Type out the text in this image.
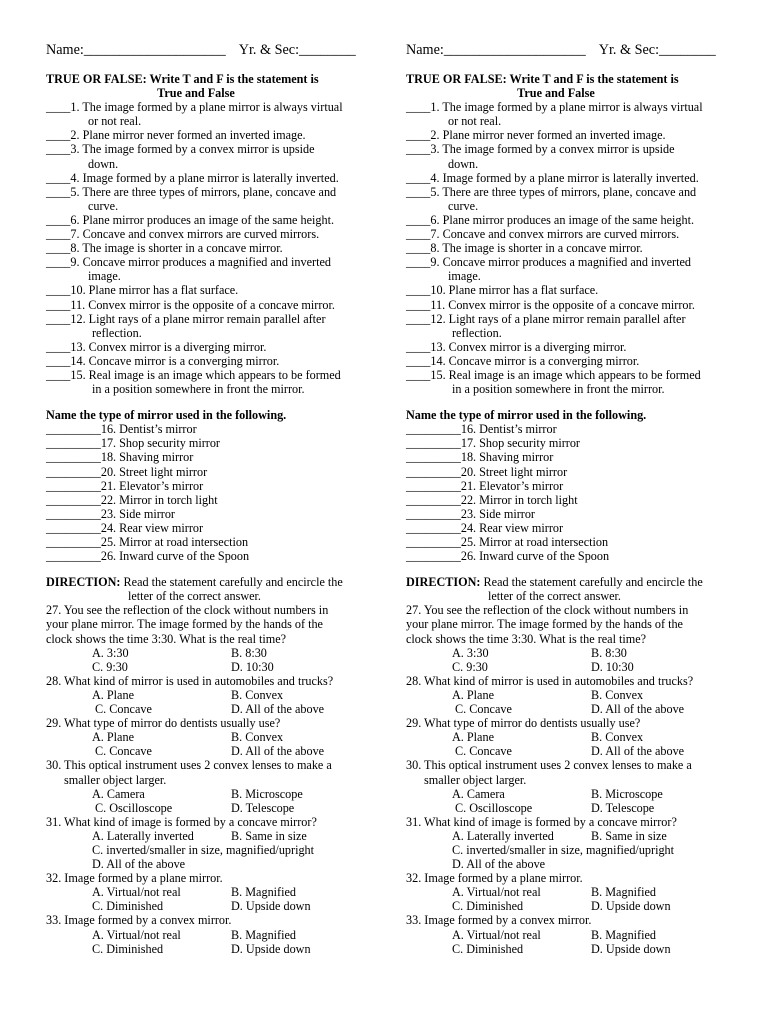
Name:____________________ Yr. & Sec:________
TRUE OR FALSE: Write T and F is the statement is
True and False
____1. The image formed by a plane mirror is always virtual
or not real.
____2. Plane mirror never formed an inverted image.
____3. The image formed by a convex mirror is upside
down.
____4. Image formed by a plane mirror is laterally inverted.
____5. There are three types of mirrors, plane, concave and
curve.
____6. Plane mirror produces an image of the same height.
____7. Concave and convex mirrors are curved mirrors.
____8. The image is shorter in a concave mirror.
____9. Concave mirror produces a magnified and inverted
image.
____10. Plane mirror has a flat surface.
____11. Convex mirror is the opposite of a concave mirror.
____12. Light rays of a plane mirror remain parallel after
reflection.
____13. Convex mirror is a diverging mirror.
____14. Concave mirror is a converging mirror.
____15. Real image is an image which appears to be formed
in a position somewhere in front the mirror.
Name the type of mirror used in the following.
_________16. Dentist’s mirror
_________17. Shop security mirror
_________18. Shaving mirror
_________20. Street light mirror
_________21. Elevator’s mirror
_________22. Mirror in torch light
_________23. Side mirror
_________24. Rear view mirror
_________25. Mirror at road intersection
_________26. Inward curve of the Spoon
DIRECTION: Read the statement carefully and encircle the
letter of the correct answer.
27. You see the reflection of the clock without numbers in
your plane mirror. The image formed by the hands of the
clock shows the time 3:30. What is the real time?
A. 3:30	B. 8:30
C. 9:30	D. 10:30
28. What kind of mirror is used in automobiles and trucks?
A. Plane	B. Convex
C. Concave	D. All of the above
29. What type of mirror do dentists usually use?
A. Plane	B. Convex
C. Concave	D. All of the above
30. This optical instrument uses 2 convex lenses to make a
smaller object larger.
A. Camera	B. Microscope
C. Oscilloscope	D. Telescope
31. What kind of image is formed by a concave mirror?
A. Laterally inverted	B. Same in size
C. inverted/smaller in size, magnified/upright
D. All of the above
32. Image formed by a plane mirror.
A. Virtual/not real	B. Magnified
C. Diminished	D. Upside down
33. Image formed by a convex mirror.
A. Virtual/not real	B. Magnified
C. Diminished	D. Upside down
Name:____________________ Yr. & Sec:________
TRUE OR FALSE: Write T and F is the statement is
True and False
____1. The image formed by a plane mirror is always virtual
or not real.
____2. Plane mirror never formed an inverted image.
____3. The image formed by a convex mirror is upside
down.
____4. Image formed by a plane mirror is laterally inverted.
____5. There are three types of mirrors, plane, concave and
curve.
____6. Plane mirror produces an image of the same height.
____7. Concave and convex mirrors are curved mirrors.
____8. The image is shorter in a concave mirror.
____9. Concave mirror produces a magnified and inverted
image.
____10. Plane mirror has a flat surface.
____11. Convex mirror is the opposite of a concave mirror.
____12. Light rays of a plane mirror remain parallel after
reflection.
____13. Convex mirror is a diverging mirror.
____14. Concave mirror is a converging mirror.
____15. Real image is an image which appears to be formed
in a position somewhere in front the mirror.
Name the type of mirror used in the following.
_________16. Dentist’s mirror
_________17. Shop security mirror
_________18. Shaving mirror
_________20. Street light mirror
_________21. Elevator’s mirror
_________22. Mirror in torch light
_________23. Side mirror
_________24. Rear view mirror
_________25. Mirror at road intersection
_________26. Inward curve of the Spoon
DIRECTION: Read the statement carefully and encircle the
letter of the correct answer.
27. You see the reflection of the clock without numbers in
your plane mirror. The image formed by the hands of the
clock shows the time 3:30. What is the real time?
A. 3:30	B. 8:30
C. 9:30	D. 10:30
28. What kind of mirror is used in automobiles and trucks?
A. Plane	B. Convex
C. Concave	D. All of the above
29. What type of mirror do dentists usually use?
A. Plane	B. Convex
C. Concave	D. All of the above
30. This optical instrument uses 2 convex lenses to make a
smaller object larger.
A. Camera	B. Microscope
C. Oscilloscope	D. Telescope
31. What kind of image is formed by a concave mirror?
A. Laterally inverted	B. Same in size
C. inverted/smaller in size, magnified/upright
D. All of the above
32. Image formed by a plane mirror.
A. Virtual/not real	B. Magnified
C. Diminished	D. Upside down
33. Image formed by a convex mirror.
A. Virtual/not real	B. Magnified
C. Diminished	D. Upside down
